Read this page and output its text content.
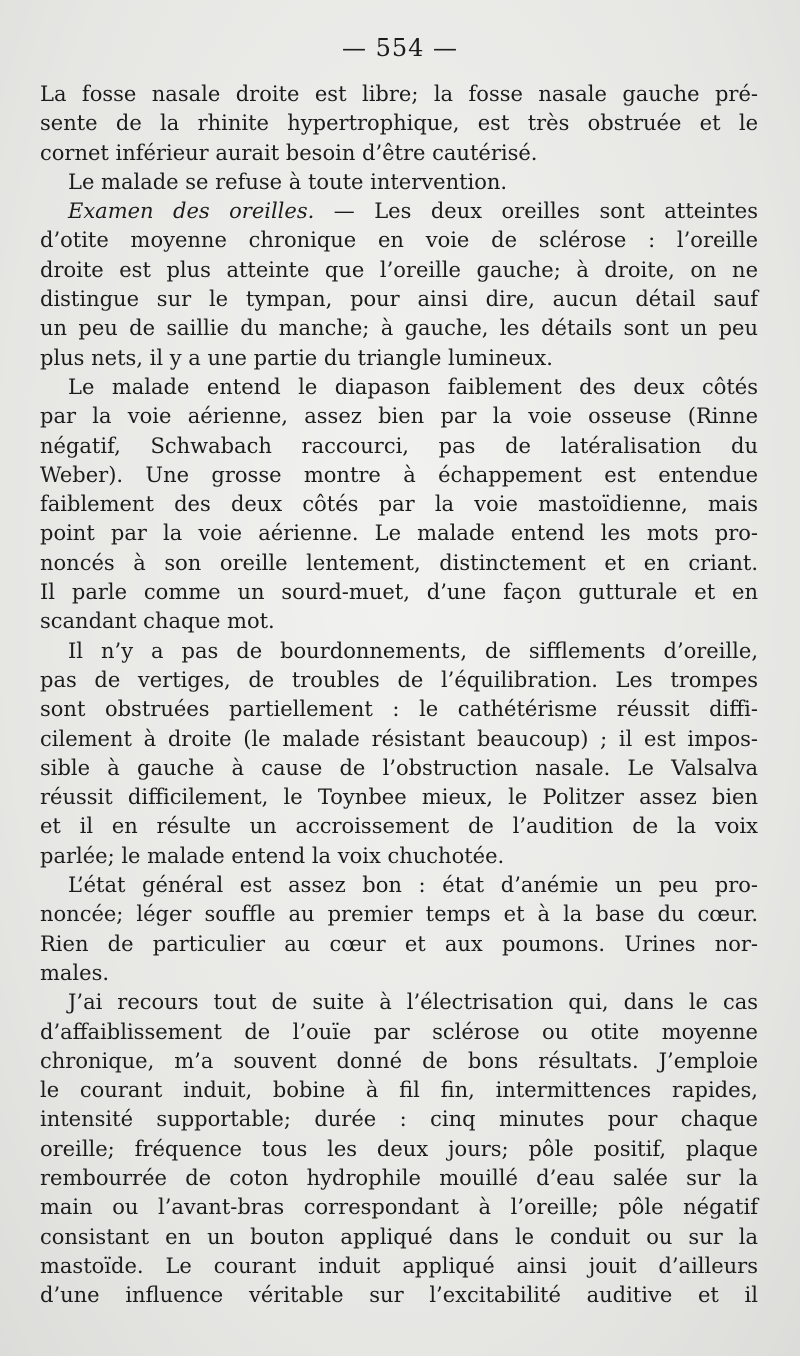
— 554 —
La fosse nasale droite est libre; la fosse nasale gauche pré-
sente de la rhinite hypertrophique, est très obstruée et le
cornet inférieur aurait besoin d’être cautérisé.
Le malade se refuse à toute intervention.
Examen des oreilles. — Les deux oreilles sont atteintes
d’otite moyenne chronique en voie de sclérose : l’oreille
droite est plus atteinte que l’oreille gauche; à droite, on ne
distingue sur le tympan, pour ainsi dire, aucun détail sauf
un peu de saillie du manche; à gauche, les détails sont un peu
plus nets, il y a une partie du triangle lumineux.
Le malade entend le diapason faiblement des deux côtés
par la voie aérienne, assez bien par la voie osseuse (Rinne
négatif, Schwabach raccourci, pas de latéralisation du
Weber). Une grosse montre à échappement est entendue
faiblement des deux côtés par la voie mastoïdienne, mais
point par la voie aérienne. Le malade entend les mots pro-
noncés à son oreille lentement, distinctement et en criant.
Il parle comme un sourd-muet, d’une façon gutturale et en
scandant chaque mot.
Il n’y a pas de bourdonnements, de sifflements d’oreille,
pas de vertiges, de troubles de l’équilibration. Les trompes
sont obstruées partiellement : le cathétérisme réussit diffi-
cilement à droite (le malade résistant beaucoup) ; il est impos-
sible à gauche à cause de l’obstruction nasale. Le Valsalva
réussit difficilement, le Toynbee mieux, le Politzer assez bien
et il en résulte un accroissement de l’audition de la voix
parlée; le malade entend la voix chuchotée.
L’état général est assez bon : état d’anémie un peu pro-
noncée; léger souffle au premier temps et à la base du cœur.
Rien de particulier au cœur et aux poumons. Urines nor-
males.
J’ai recours tout de suite à l’électrisation qui, dans le cas
d’affaiblissement de l’ouïe par sclérose ou otite moyenne
chronique, m’a souvent donné de bons résultats. J’emploie
le courant induit, bobine à fil fin, intermittences rapides,
intensité supportable; durée : cinq minutes pour chaque
oreille; fréquence tous les deux jours; pôle positif, plaque
rembourrée de coton hydrophile mouillé d’eau salée sur la
main ou l’avant-bras correspondant à l’oreille; pôle négatif
consistant en un bouton appliqué dans le conduit ou sur la
mastoïde. Le courant induit appliqué ainsi jouit d’ailleurs
d’une influence véritable sur l’excitabilité auditive et il
